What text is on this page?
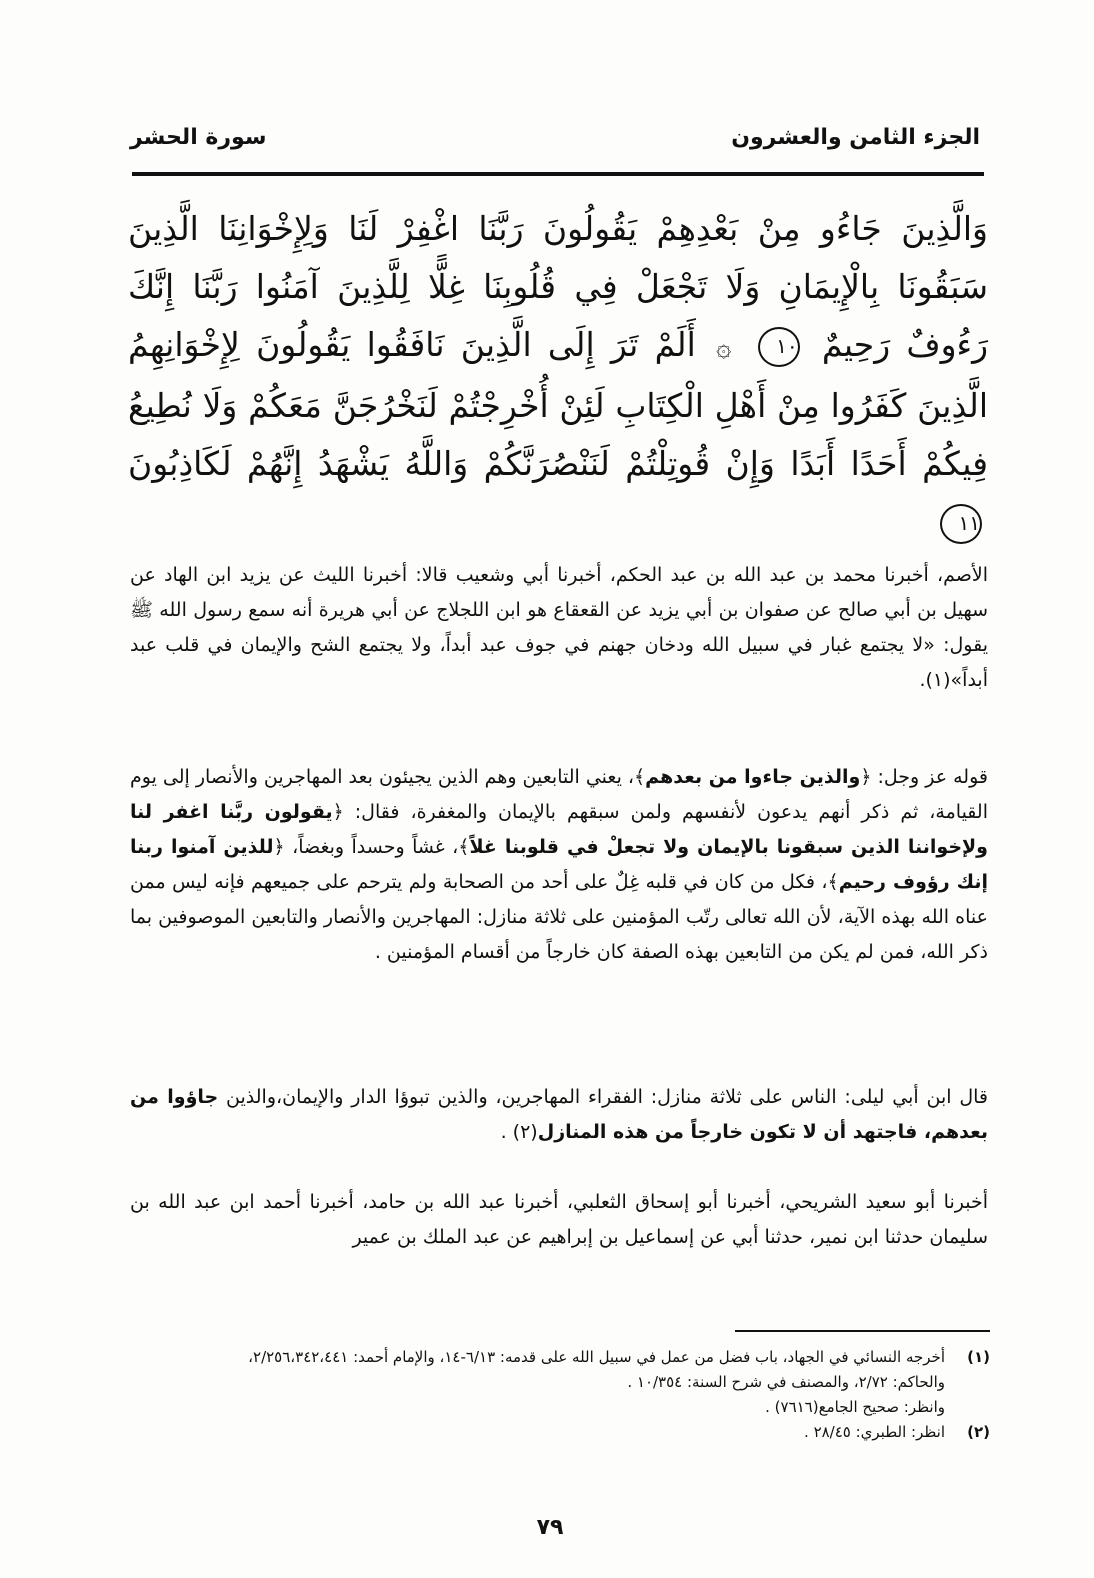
الجزء الثامن والعشرون
سورة الحشر
وَالَّذِينَ جَاءُو مِنْ بَعْدِهِمْ يَقُولُونَ رَبَّنَا اغْفِرْ لَنَا وَلِإِخْوَانِنَا الَّذِينَ سَبَقُونَا بِالْإِيمَانِ وَلَا تَجْعَلْ فِي قُلُوبِنَا غِلًّا لِلَّذِينَ آمَنُوا رَبَّنَا إِنَّكَ رَءُوفٌ رَحِيمٌ ١٠ ۞ أَلَمْ تَرَ إِلَى الَّذِينَ نَافَقُوا يَقُولُونَ لِإِخْوَانِهِمُ الَّذِينَ كَفَرُوا مِنْ أَهْلِ الْكِتَابِ لَئِنْ أُخْرِجْتُمْ لَنَخْرُجَنَّ مَعَكُمْ وَلَا نُطِيعُ فِيكُمْ أَحَدًا أَبَدًا وَإِنْ قُوتِلْتُمْ لَنَنْصُرَنَّكُمْ وَاللَّهُ يَشْهَدُ إِنَّهُمْ لَكَاذِبُونَ ١١
الأصم، أخبرنا محمد بن عبد الله بن عبد الحكم، أخبرنا أبي وشعيب قالا: أخبرنا الليث عن يزيد ابن الهاد عن سهيل بن أبي صالح عن صفوان بن أبي يزيد عن القعقاع هو ابن اللجلاج عن أبي هريرة أنه سمع رسول الله ﷺ يقول: «لا يجتمع غبار في سبيل الله ودخان جهنم في جوف عبد أبداً، ولا يجتمع الشح والإيمان في قلب عبد أبداً»(١).
قوله عز وجل: ﴿والذين جاءوا من بعدهم﴾، يعني التابعين وهم الذين يجيئون بعد المهاجرين والأنصار إلى يوم القيامة، ثم ذكر أنهم يدعون لأنفسهم ولمن سبقهم بالإيمان والمغفرة، فقال: ﴿يقولون ربَّنا اغفر لنا ولإخواننا الذين سبقونا بالإيمان ولا تجعلْ في قلوبنا غلاً﴾، غشاً وحسداً وبغضاً، ﴿للذين آمنوا ربنا إنك رؤوف رحيم﴾، فكل من كان في قلبه غِلٌ على أحد من الصحابة ولم يترحم على جميعهم فإنه ليس ممن عناه الله بهذه الآية، لأن الله تعالى رتّب المؤمنين على ثلاثة منازل: المهاجرين والأنصار والتابعين الموصوفين بما ذكر الله، فمن لم يكن من التابعين بهذه الصفة كان خارجاً من أقسام المؤمنين .
قال ابن أبي ليلى: الناس على ثلاثة منازل: الفقراء المهاجرين، والذين تبوؤا الدار والإيمان،والذين جاؤوا من بعدهم، فاجتهد أن لا تكون خارجاً من هذه المنازل(٢) .
أخبرنا أبو سعيد الشريحي، أخبرنا أبو إسحاق الثعلبي، أخبرنا عبد الله بن حامد، أخبرنا أحمد ابن عبد الله بن سليمان حدثنا ابن نمير، حدثنا أبي عن إسماعيل بن إبراهيم عن عبد الملك بن عمير
(١)
أخرجه النسائي في الجهاد، باب فضل من عمل في سبيل الله على قدمه: ٦/١٣-١٤، والإمام أحمد: ٢/٢٥٦،٣٤٢،٤٤١،
والحاكم: ٢/٧٢، والمصنف في شرح السنة: ١٠/٣٥٤ .
وانظر: صحيح الجامع(٧٦١٦) .
(٢)
انظر: الطبري: ٢٨/٤٥ .
٧٩
